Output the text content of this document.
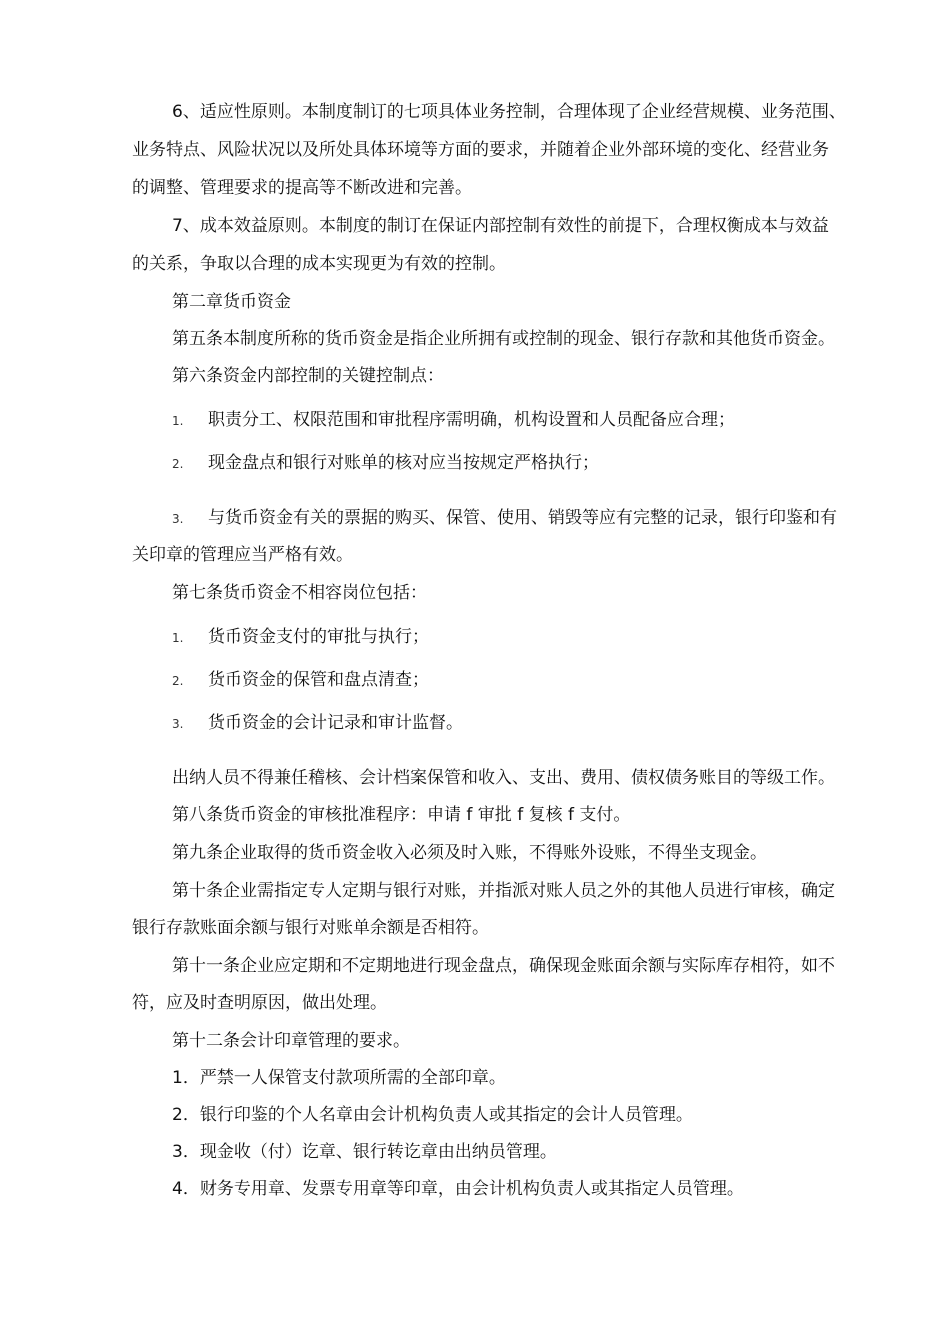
6、适应性原则。本制度制订的七项具体业务控制，合理体现了企业经营规模、业务范围、
业务特点、风险状况以及所处具体环境等方面的要求，并随着企业外部环境的变化、经营业务
的调整、管理要求的提高等不断改进和完善。
7、成本效益原则。本制度的制订在保证内部控制有效性的前提下，合理权衡成本与效益
的关系，争取以合理的成本实现更为有效的控制。
第二章货币资金
第五条本制度所称的货币资金是指企业所拥有或控制的现金、银行存款和其他货币资金。
第六条资金内部控制的关键控制点：
1. 职责分工、权限范围和审批程序需明确，机构设置和人员配备应合理；
2. 现金盘点和银行对账单的核对应当按规定严格执行；
3. 与货币资金有关的票据的购买、保管、使用、销毁等应有完整的记录，银行印鉴和有
关印章的管理应当严格有效。
第七条货币资金不相容岗位包括：
1. 货币资金支付的审批与执行；
2. 货币资金的保管和盘点清查；
3. 货币资金的会计记录和审计监督。
出纳人员不得兼任稽核、会计档案保管和收入、支出、费用、债权债务账目的等级工作。
第八条货币资金的审核批准程序：申请 f 审批 f 复核 f 支付。
第九条企业取得的货币资金收入必须及时入账，不得账外设账，不得坐支现金。
第十条企业需指定专人定期与银行对账，并指派对账人员之外的其他人员进行审核，确定
银行存款账面余额与银行对账单余额是否相符。
第十一条企业应定期和不定期地进行现金盘点，确保现金账面余额与实际库存相符，如不
符，应及时查明原因，做出处理。
第十二条会计印章管理的要求。
1．严禁一人保管支付款项所需的全部印章。
2．银行印鉴的个人名章由会计机构负责人或其指定的会计人员管理。
3．现金收（付）讫章、银行转讫章由出纳员管理。
4．财务专用章、发票专用章等印章，由会计机构负责人或其指定人员管理。
